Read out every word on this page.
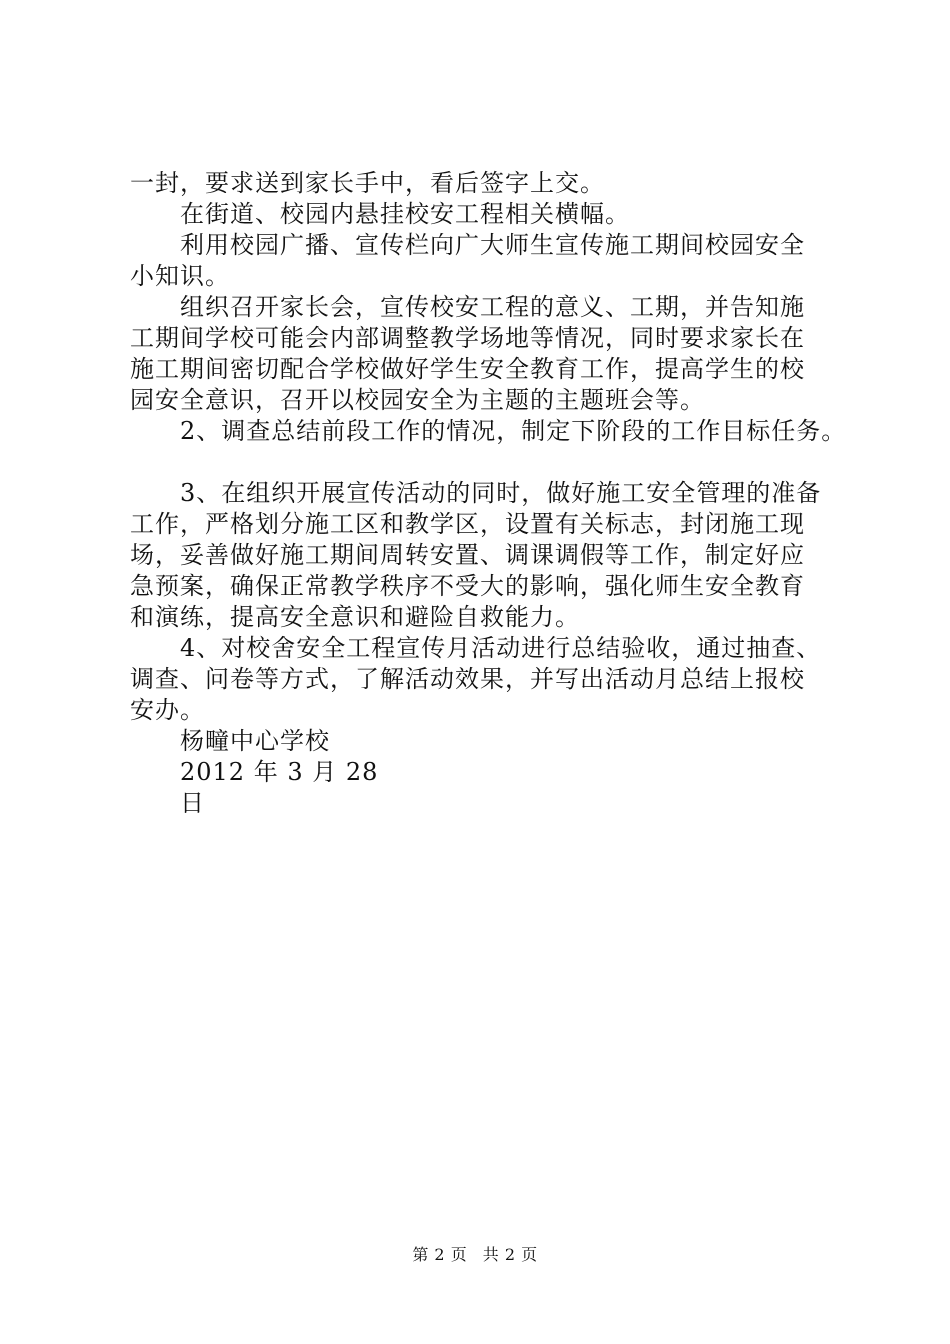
一封，要求送到家长手中，看后签字上交。
在街道、校园内悬挂校安工程相关横幅。
利用校园广播、宣传栏向广大师生宣传施工期间校园安全
小知识。
组织召开家长会，宣传校安工程的意义、工期，并告知施
工期间学校可能会内部调整教学场地等情况，同时要求家长在
施工期间密切配合学校做好学生安全教育工作，提高学生的校
园安全意识，召开以校园安全为主题的主题班会等。
2、调查总结前段工作的情况，制定下阶段的工作目标任务。
3、在组织开展宣传活动的同时，做好施工安全管理的准备
工作，严格划分施工区和教学区，设置有关标志，封闭施工现
场，妥善做好施工期间周转安置、调课调假等工作，制定好应
急预案，确保正常教学秩序不受大的影响，强化师生安全教育
和演练，提高安全意识和避险自救能力。
4、对校舍安全工程宣传月活动进行总结验收，通过抽查、
调查、问卷等方式，了解活动效果，并写出活动月总结上报校
安办。
杨疃中心学校
2012 年 3 月 28
日
第 2 页 共 2 页
